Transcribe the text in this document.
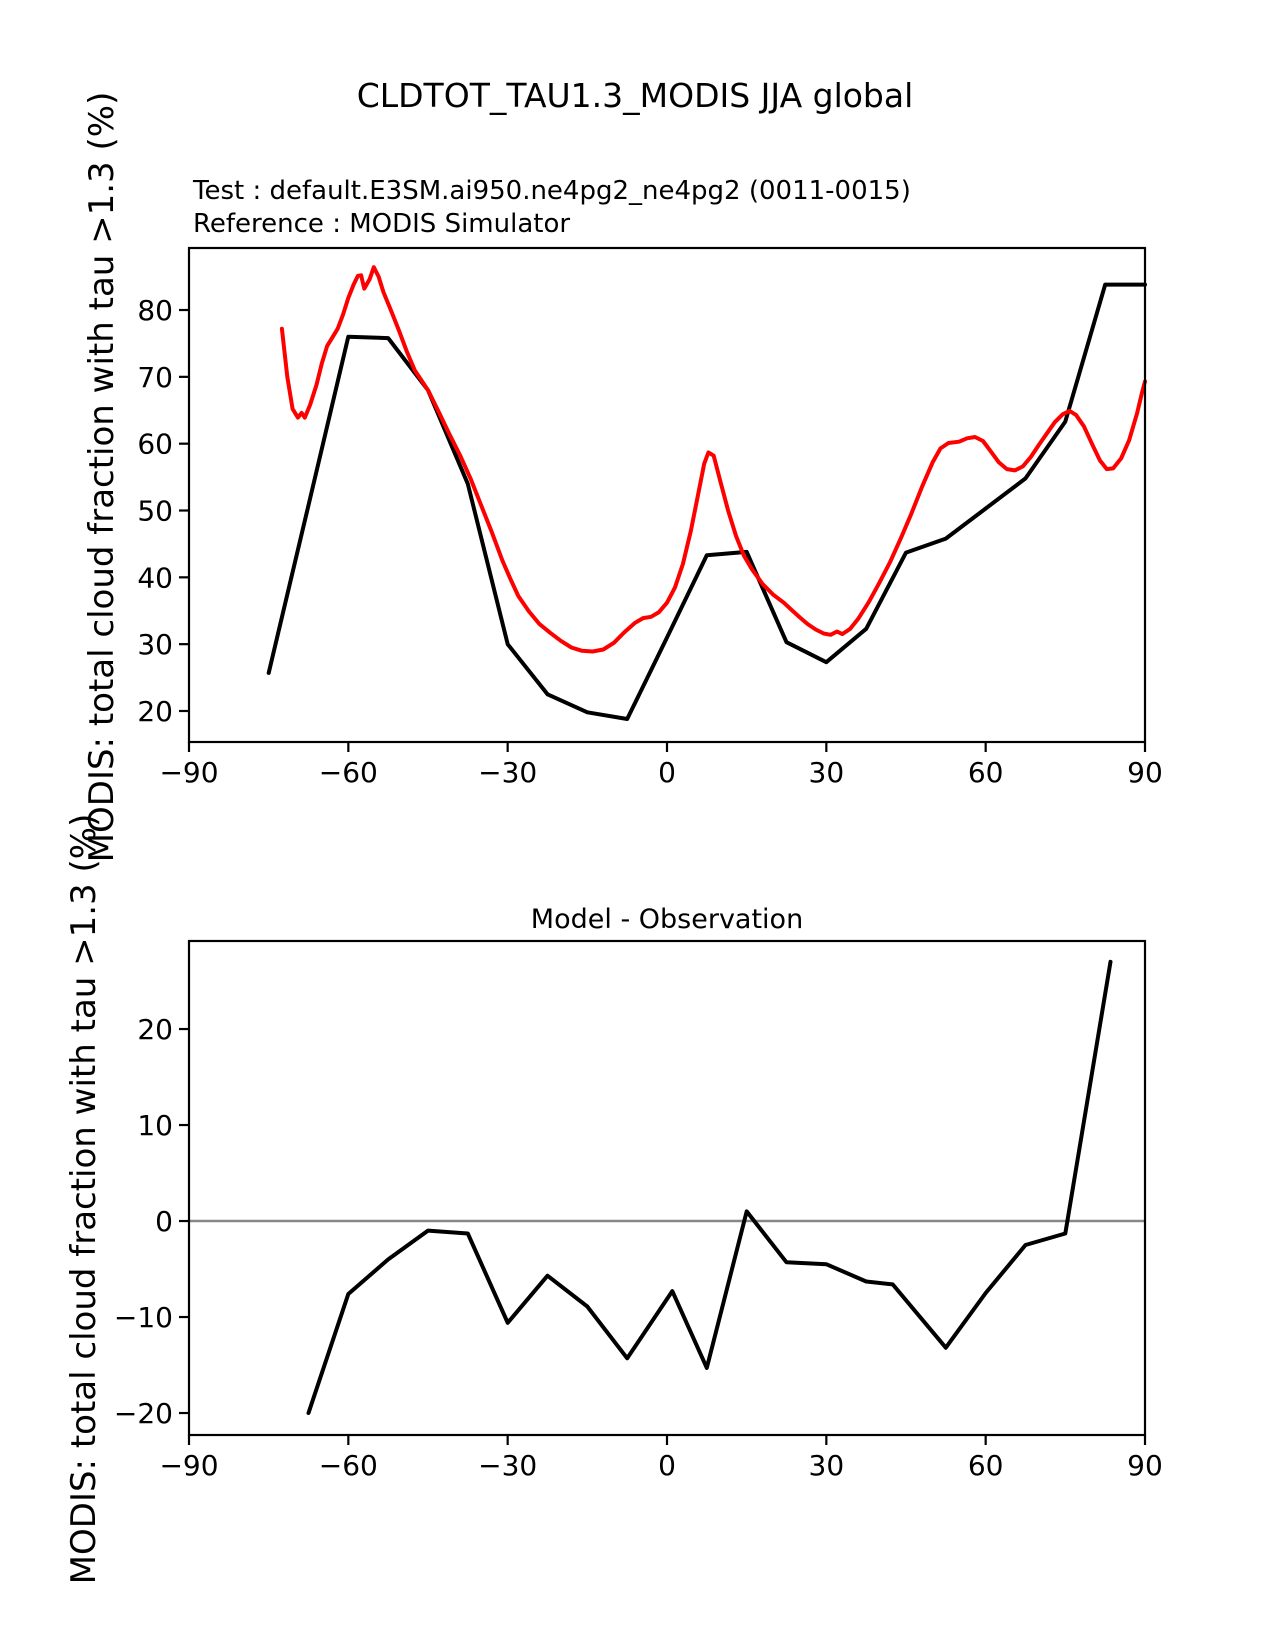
CLDTOT_TAU1.3_MODIS JJA global
Test : default.E3SM.ai950.ne4pg2_ne4pg2 (0011-0015)
Reference : MODIS Simulator
MODIS: total cloud fraction with tau >1.3 (%)
MODIS: total cloud fraction with tau >1.3 (%)	Model - Observation
−90	−60	−30	0	30	60	90
20
30
40
50
60
70
80
−90	−60	−30	0	30	60	90
−20
−10
0
10
20
